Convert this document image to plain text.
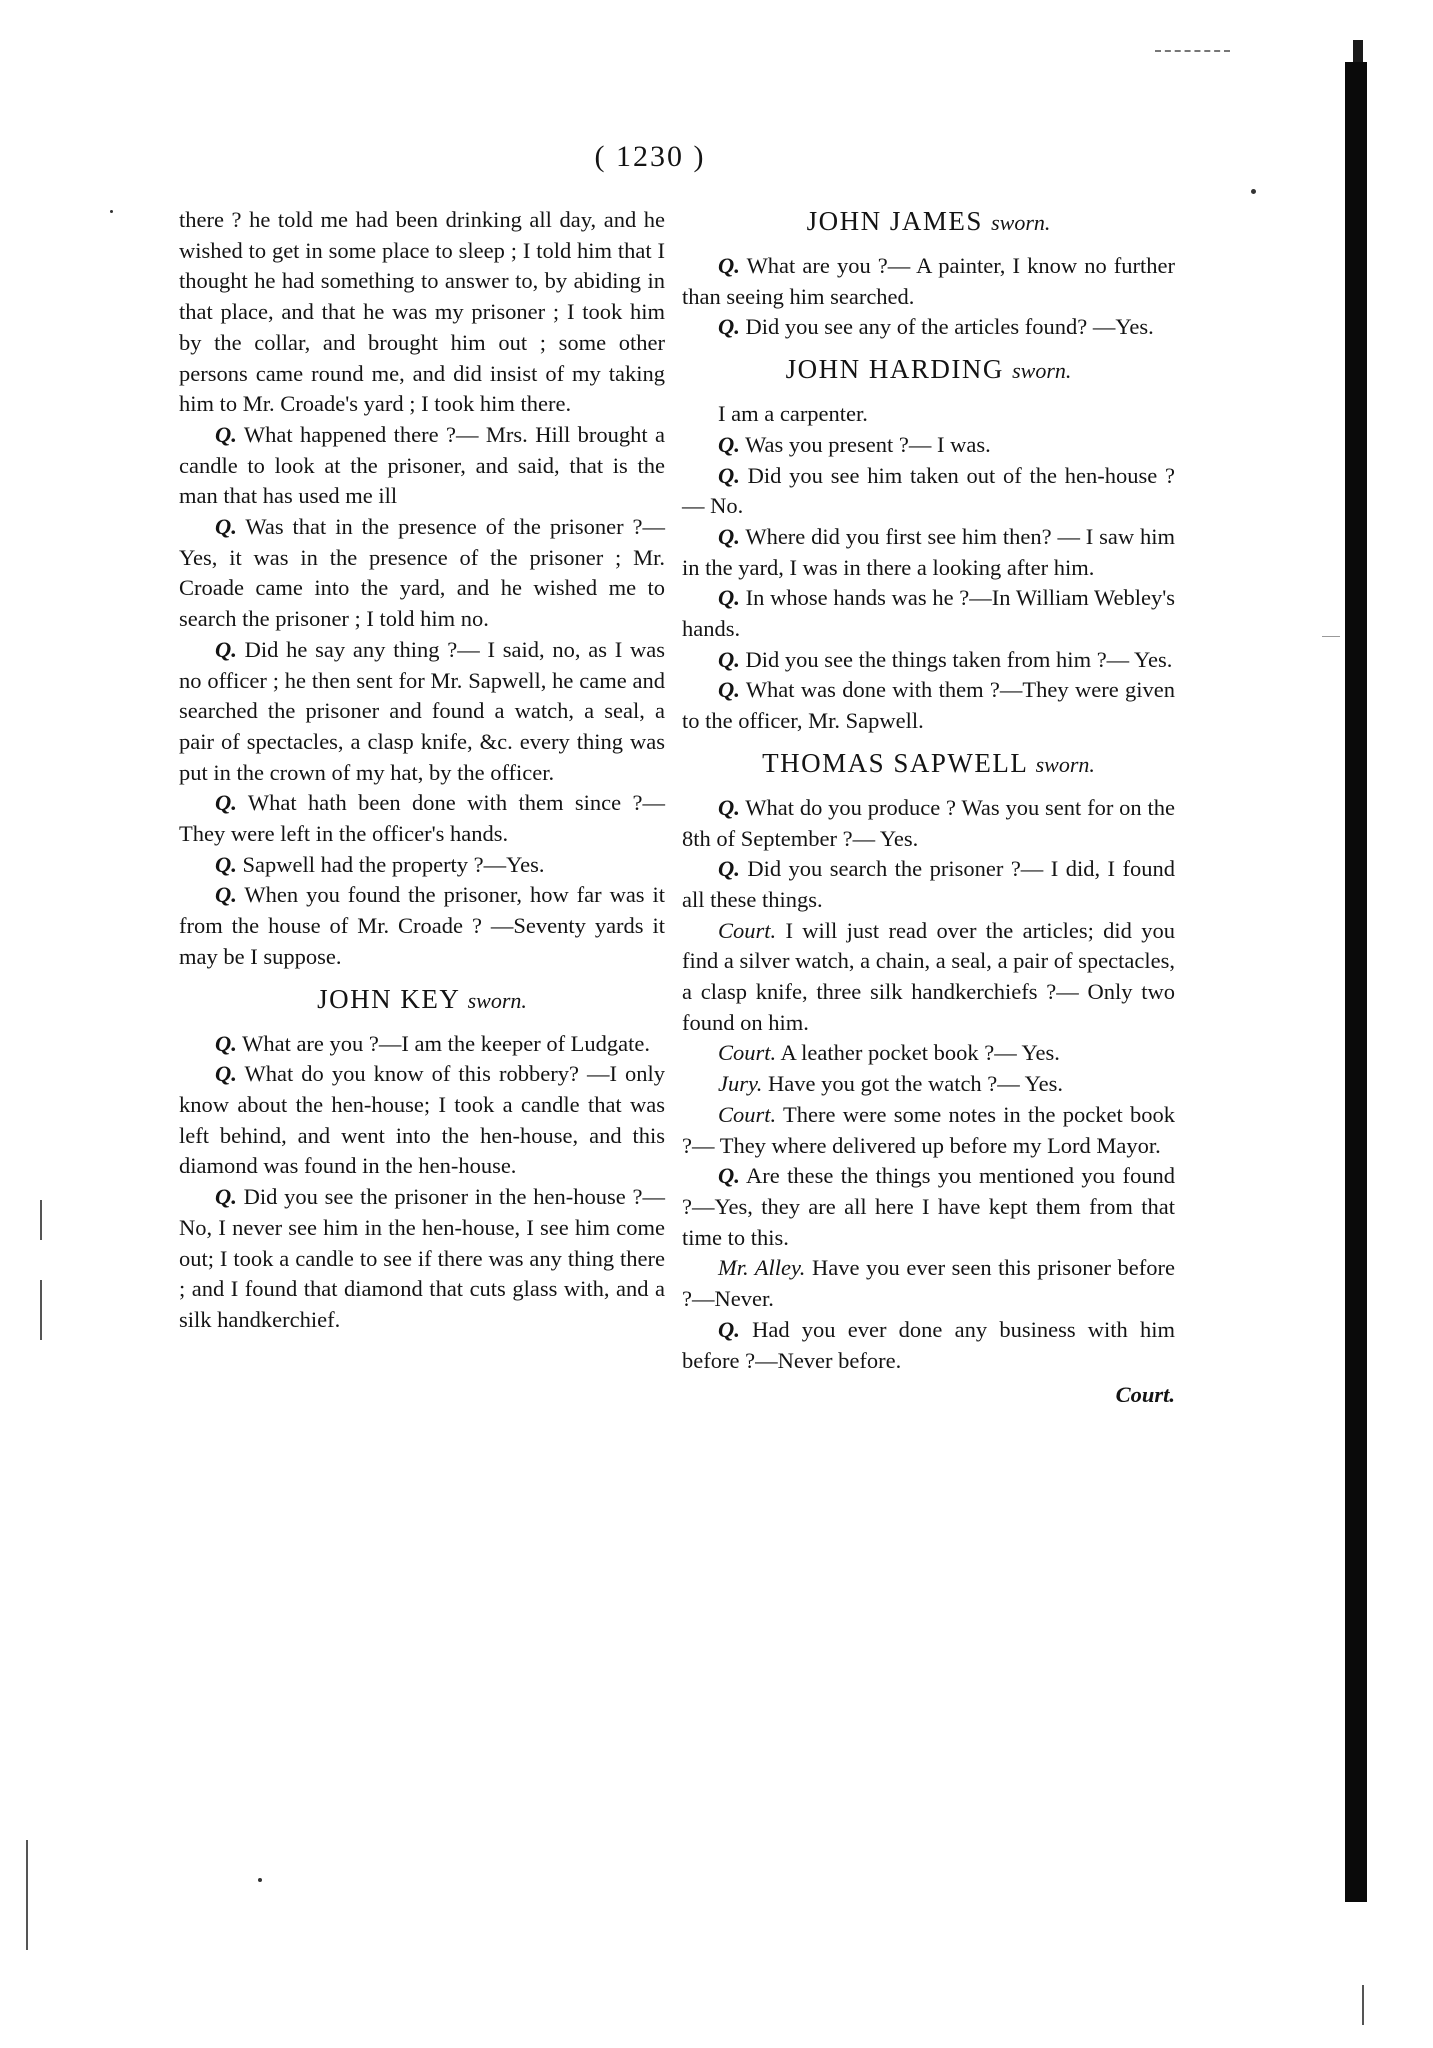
( 1230 )

there ? he told me had been drinking all day, and he wished to get in some place to sleep ; I told him that I thought he had something to answer to, by abiding in that place, and that he was my prisoner ; I took him by the collar, and brought him out ; some other persons came round me, and did insist of my taking him to Mr. Croade's yard ; I took him there.

Q. What happened there ?— Mrs. Hill brought a candle to look at the prisoner, and said, that is the man that has used me ill

Q. Was that in the presence of the prisoner ?— Yes, it was in the presence of the prisoner ; Mr. Croade came into the yard, and he wished me to search the prisoner ; I told him no.

Q. Did he say any thing ?— I said, no, as I was no officer ; he then sent for Mr. Sapwell, he came and searched the prisoner and found a watch, a seal, a pair of spectacles, a clasp knife, &c. every thing was put in the crown of my hat, by the officer.

Q. What hath been done with them since ?— They were left in the officer's hands.

Q. Sapwell had the property ?—Yes.

Q. When you found the prisoner, how far was it from the house of Mr. Croade ? —Seventy yards it may be I suppose.

JOHN KEY sworn.

Q. What are you ?—I am the keeper of Ludgate.

Q. What do you know of this robbery? —I only know about the hen-house; I took a candle that was left behind, and went into the hen-house, and this diamond was found in the hen-house.

Q. Did you see the prisoner in the hen-house ?—No, I never see him in the hen-house, I see him come out; I took a candle to see if there was any thing there ; and I found that diamond that cuts glass with, and a silk handkerchief.

JOHN JAMES sworn.

Q. What are you ?— A painter, I know no further than seeing him searched.

Q. Did you see any of the articles found? —Yes.

JOHN HARDING sworn.

I am a carpenter.

Q. Was you present ?— I was.

Q. Did you see him taken out of the hen-house ?— No.

Q. Where did you first see him then? — I saw him in the yard, I was in there a looking after him.

Q. In whose hands was he ?—In William Webley's hands.

Q. Did you see the things taken from him ?— Yes.

Q. What was done with them ?—They were given to the officer, Mr. Sapwell.

THOMAS SAPWELL sworn.

Q. What do you produce ? Was you sent for on the 8th of September ?— Yes.

Q. Did you search the prisoner ?— I did, I found all these things.

Court. I will just read over the articles; did you find a silver watch, a chain, a seal, a pair of spectacles, a clasp knife, three silk handkerchiefs ?— Only two found on him.

Court. A leather pocket book ?— Yes.

Jury. Have you got the watch ?— Yes.

Court. There were some notes in the pocket book ?— They where delivered up before my Lord Mayor.

Q. Are these the things you mentioned you found ?—Yes, they are all here I have kept them from that time to this.

Mr. Alley. Have you ever seen this prisoner before ?—Never.

Q. Had you ever done any business with him before ?—Never before.

Court.
